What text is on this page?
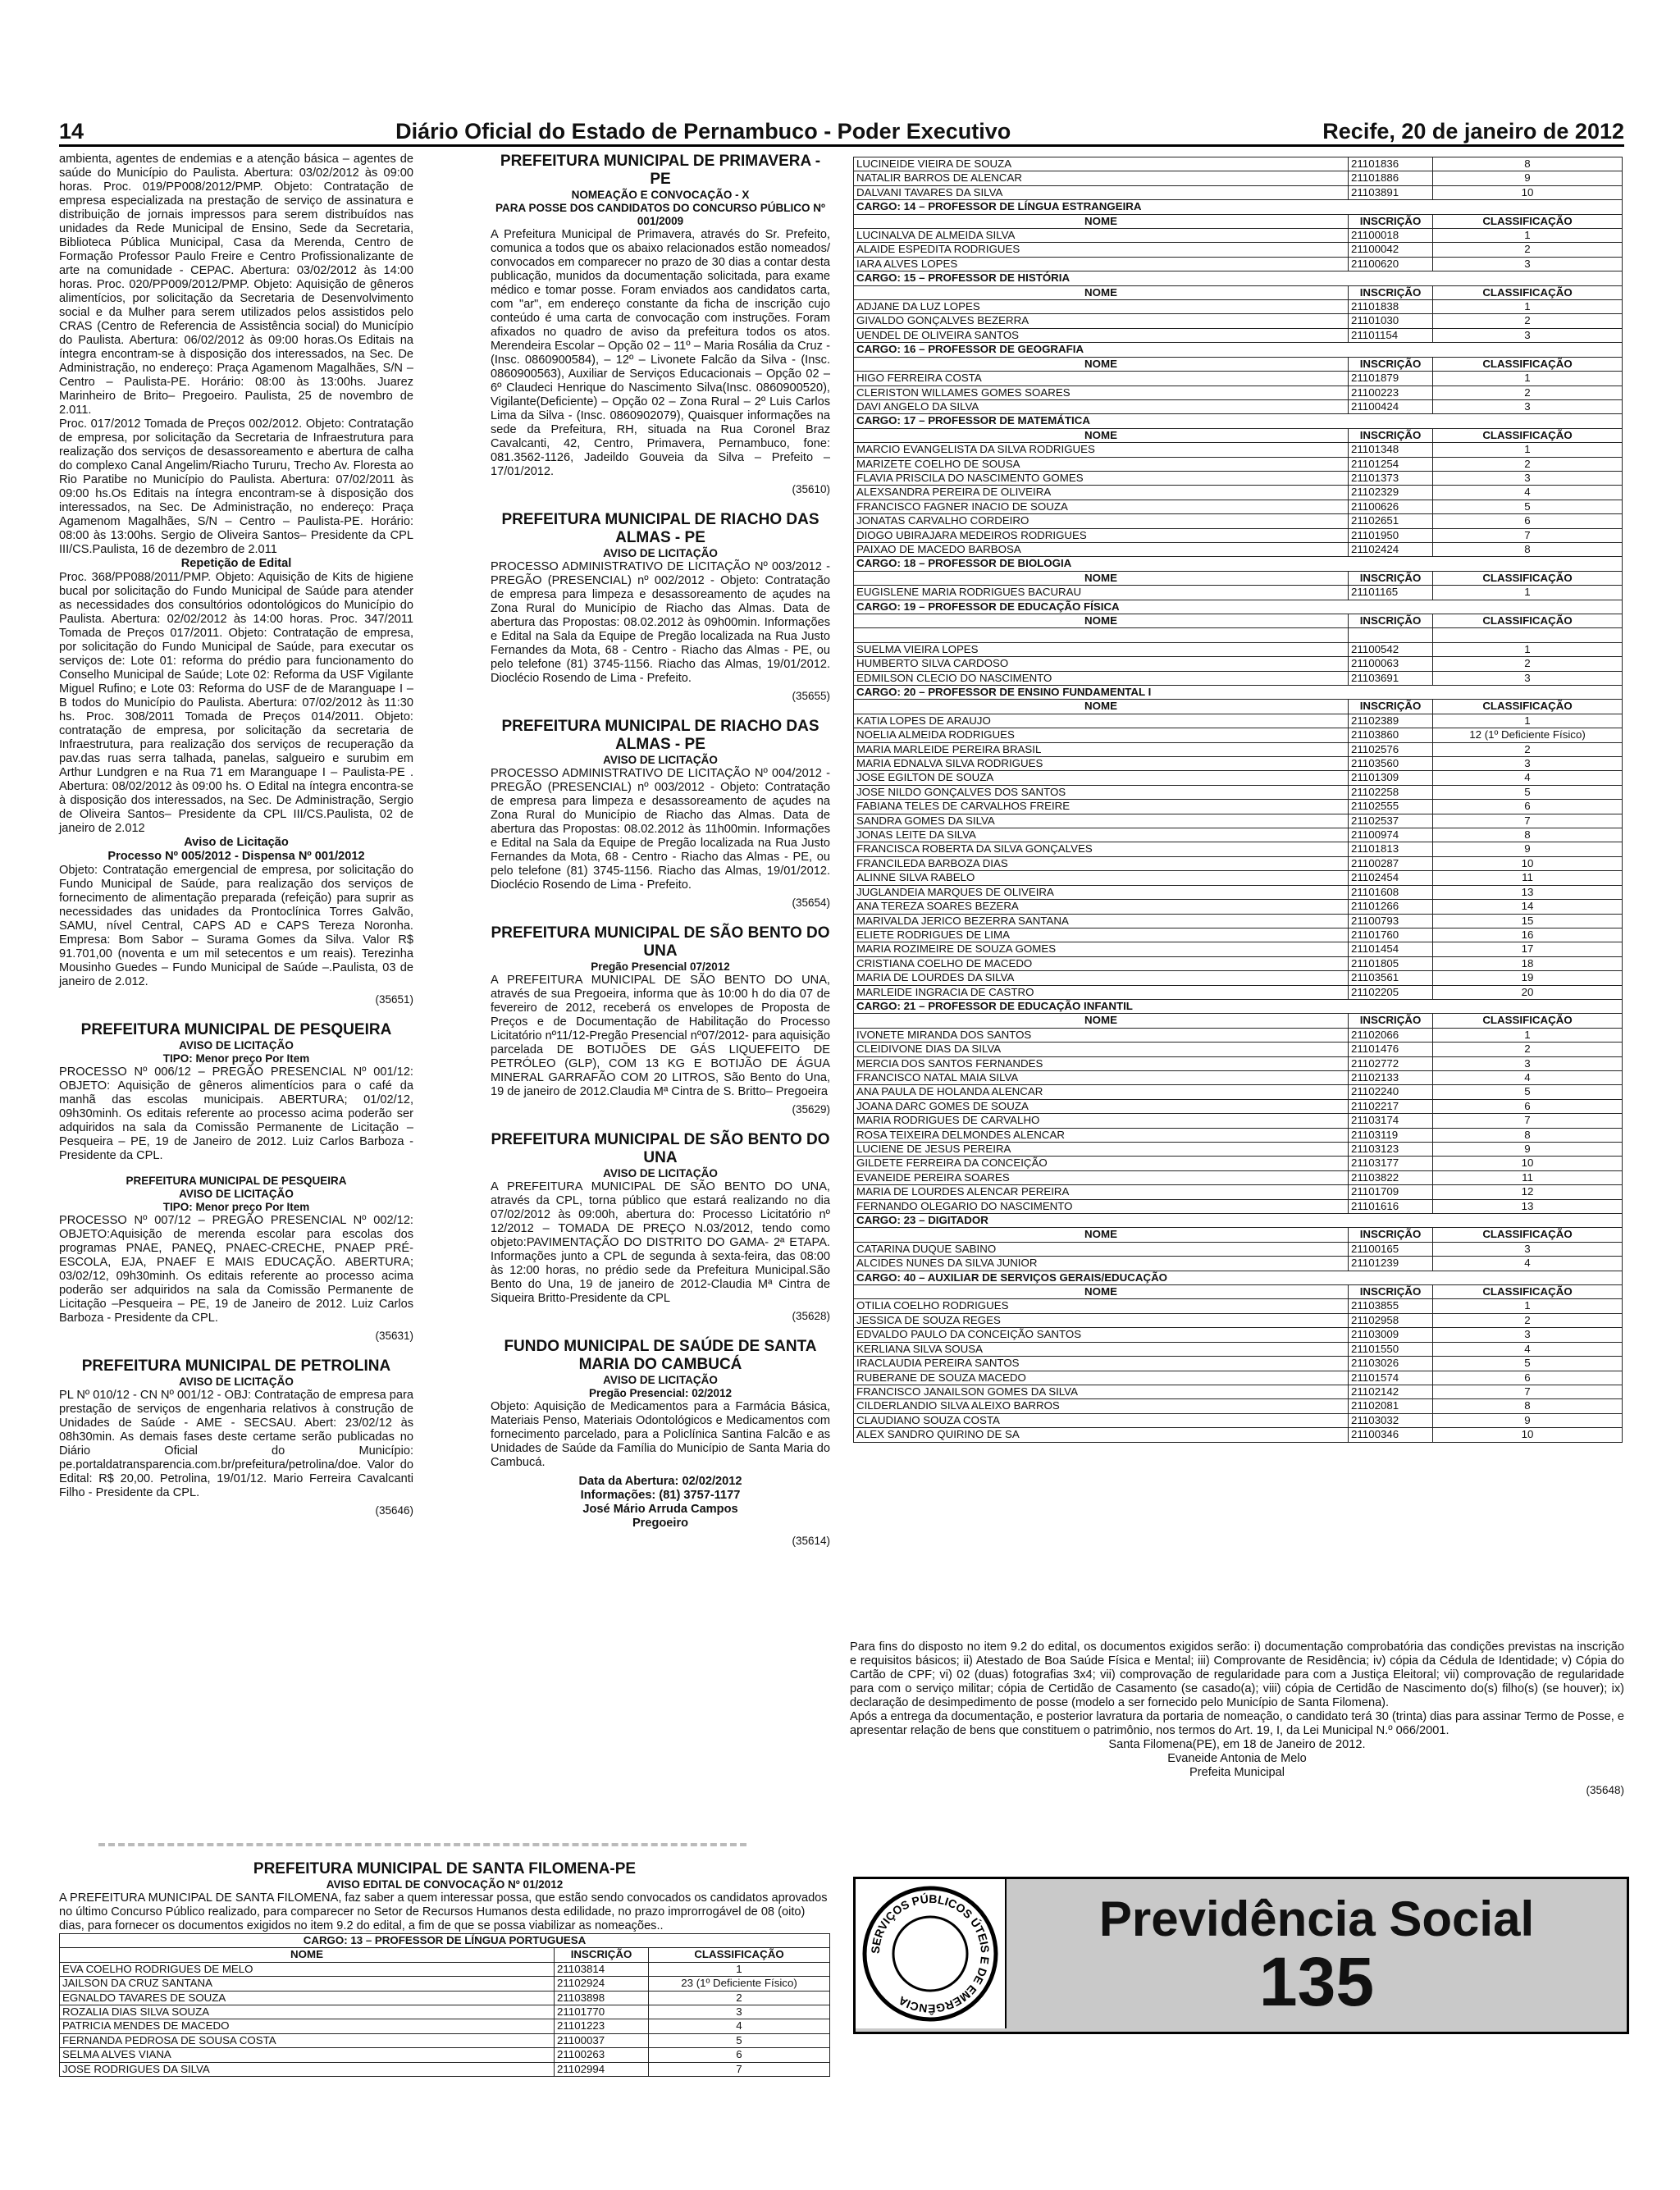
14	Diário Oficial do Estado de Pernambuco - Poder Executivo	Recife, 20 de janeiro de 2012

ambienta, agentes de endemias e a atenção básica – agentes de saúde do Município do Paulista. Abertura: 03/02/2012 às 09:00 horas. Proc. 019/PP008/2012/PMP. Objeto: Contratação de empresa especializada na prestação de serviço de assinatura e distribuição de jornais impressos para serem distribuídos nas unidades da Rede Municipal de Ensino, Sede da Secretaria, Biblioteca Pública Municipal, Casa da Merenda, Centro de Formação Professor Paulo Freire e Centro Profissionalizante de arte na comunidade - CEPAC. Abertura: 03/02/2012 às 14:00 horas. Proc. 020/PP009/2012/PMP. Objeto: Aquisição de gêneros alimentícios, por solicitação da Secretaria de Desenvolvimento social e da Mulher para serem utilizados pelos assistidos pelo CRAS (Centro de Referencia de Assistência social) do Município do Paulista. Abertura: 06/02/2012 às 09:00 horas.Os Editais na íntegra encontram-se à disposição dos interessados, na Sec. De Administração, no endereço: Praça Agamenom Magalhães, S/N – Centro – Paulista-PE. Horário: 08:00 às 13:00hs. Juarez Marinheiro de Brito– Pregoeiro. Paulista, 25 de novembro de 2.011.

Proc. 017/2012 Tomada de Preços 002/2012. Objeto: Contratação de empresa, por solicitação da Secretaria de Infraestrutura para realização dos serviços de desassoreamento e abertura de calha do complexo Canal Angelim/Riacho Tururu, Trecho Av. Floresta ao Rio Paratibe no Município do Paulista. Abertura: 07/02/2011 às 09:00 hs.Os Editais na íntegra encontram-se à disposição dos interessados, na Sec. De Administração, no endereço: Praça Agamenom Magalhães, S/N – Centro – Paulista-PE. Horário: 08:00 às 13:00hs. Sergio de Oliveira Santos– Presidente da CPL III/CS.Paulista, 16 de dezembro de 2.011

Repetição de Edital

Proc. 368/PP088/2011/PMP. Objeto: Aquisição de Kits de higiene bucal por solicitação do Fundo Municipal de Saúde para atender as necessidades dos consultórios odontológicos do Município do Paulista. Abertura: 02/02/2012 às 14:00 horas. Proc. 347/2011 Tomada de Preços 017/2011. Objeto: Contratação de empresa, por solicitação do Fundo Municipal de Saúde, para executar os serviços de: Lote 01: reforma do prédio para funcionamento do Conselho Municipal de Saúde; Lote 02: Reforma da USF Vigilante Miguel Rufino; e Lote 03: Reforma do USF de de Maranguape I – B todos do Município do Paulista. Abertura: 07/02/2012 às 11:30 hs. Proc. 308/2011 Tomada de Preços 014/2011. Objeto: contratação de empresa, por solicitação da secretaria de Infraestrutura, para realização dos serviços de recuperação da pav.das ruas serra talhada, panelas, salgueiro e surubim em Arthur Lundgren e na Rua 71 em Maranguape I – Paulista-PE . Abertura: 08/02/2012 às 09:00 hs. O Edital na íntegra encontra-se à disposição dos interessados, na Sec. De Administração, Sergio de Oliveira Santos– Presidente da CPL III/CS.Paulista, 02 de janeiro de 2.012

Aviso de Licitação
Processo Nº 005/2012 - Dispensa Nº 001/2012

Objeto: Contratação emergencial de empresa, por solicitação do Fundo Municipal de Saúde, para realização dos serviços de fornecimento de alimentação preparada (refeição) para suprir as necessidades das unidades da Prontoclínica Torres Galvão, SAMU, nível Central, CAPS AD e CAPS Tereza Noronha. Empresa: Bom Sabor – Surama Gomes da Silva. Valor R$ 91.701,00 (noventa e um mil setecentos e um reais). Terezinha Mousinho Guedes – Fundo Municipal de Saúde –.Paulista, 03 de janeiro de 2.012.

(35651)
PREFEITURA MUNICIPAL DE PESQUEIRA
AVISO DE LICITAÇÃO
TIPO: Menor preço Por Item

PROCESSO Nº 006/12 – PREGÃO PRESENCIAL Nº 001/12: OBJETO: Aquisição de gêneros alimentícios para o café da manhã das escolas municipais. ABERTURA; 01/02/12, 09h30minh. Os editais referente ao processo acima poderão ser adquiridos na sala da Comissão Permanente de Licitação –Pesqueira – PE, 19 de Janeiro de 2012. Luiz Carlos Barboza - Presidente da CPL.

PREFEITURA MUNICIPAL DE PESQUEIRA
AVISO DE LICITAÇÃO
TIPO: Menor preço Por Item

PROCESSO Nº 007/12 – PREGÃO PRESENCIAL Nº 002/12: OBJETO:Aquisição de merenda escolar para escolas dos programas PNAE, PANEQ, PNAEC-CRECHE, PNAEP PRÉ-ESCOLA, EJA, PNAEF E MAIS EDUCAÇÃO. ABERTURA; 03/02/12, 09h30minh. Os editais referente ao processo acima poderão ser adquiridos na sala da Comissão Permanente de Licitação –Pesqueira – PE, 19 de Janeiro de 2012. Luiz Carlos Barboza - Presidente da CPL.

(35631)
PREFEITURA MUNICIPAL DE PETROLINA
AVISO DE LICITAÇÃO

PL Nº 010/12 - CN Nº 001/12 - OBJ: Contratação de empresa para prestação de serviços de engenharia relativos à construção de Unidades de Saúde - AME - SECSAU. Abert: 23/02/12 às 08h30min. As demais fases deste certame serão publicadas no Diário Oficial do Município: pe.portaldatransparencia.com.br/prefeitura/petrolina/doe. Valor do Edital: R$ 20,00. Petrolina, 19/01/12. Mario Ferreira Cavalcanti Filho - Presidente da CPL.

(35646)
PREFEITURA MUNICIPAL DE PRIMAVERA - PE
NOMEAÇÃO E CONVOCAÇÃO - X
PARA POSSE DOS CANDIDATOS DO CONCURSO PÚBLICO Nº 001/2009

A Prefeitura Municipal de Primavera, através do Sr. Prefeito, comunica a todos que os abaixo relacionados estão nomeados/ convocados em comparecer no prazo de 30 dias a contar desta publicação, munidos da documentação solicitada, para exame médico e tomar posse. Foram enviados aos candidatos carta, com "ar", em endereço constante da ficha de inscrição cujo conteúdo é uma carta de convocação com instruções. Foram afixados no quadro de aviso da prefeitura todos os atos. Merendeira Escolar – Opção 02 – 11º – Maria Rosália da Cruz - (Insc. 0860900584), – 12º – Livonete Falcão da Silva - (Insc. 0860900563), Auxiliar de Serviços Educacionais – Opção 02 – 6º Claudeci Henrique do Nascimento Silva(Insc. 0860900520), Vigilante(Deficiente) – Opção 02 – Zona Rural – 2º Luis Carlos Lima da Silva - (Insc. 0860902079), Quaisquer informações na sede da Prefeitura, RH, situada na Rua Coronel Braz Cavalcanti, 42, Centro, Primavera, Pernambuco, fone: 081.3562-1126, Jadeildo Gouveia da Silva – Prefeito – 17/01/2012.

(35610)
PREFEITURA MUNICIPAL DE RIACHO DAS ALMAS - PE
AVISO DE LICITAÇÃO

PROCESSO ADMINISTRATIVO DE LICITAÇÃO Nº 003/2012 - PREGÃO (PRESENCIAL) nº 002/2012 - Objeto: Contratação de empresa para limpeza e desassoreamento de açudes na Zona Rural do Município de Riacho das Almas. Data de abertura das Propostas: 08.02.2012 às 09h00min. Informações e Edital na Sala da Equipe de Pregão localizada na Rua Justo Fernandes da Mota, 68 - Centro - Riacho das Almas - PE, ou pelo telefone (81) 3745-1156. Riacho das Almas, 19/01/2012. Dioclécio Rosendo de Lima - Prefeito.

(35655)
PREFEITURA MUNICIPAL DE RIACHO DAS ALMAS - PE
AVISO DE LICITAÇÃO

PROCESSO ADMINISTRATIVO DE LICITAÇÃO Nº 004/2012 - PREGÃO (PRESENCIAL) nº 003/2012 - Objeto: Contratação de empresa para limpeza e desassoreamento de açudes na Zona Rural do Município de Riacho das Almas. Data de abertura das Propostas: 08.02.2012 às 11h00min. Informações e Edital na Sala da Equipe de Pregão localizada na Rua Justo Fernandes da Mota, 68 - Centro - Riacho das Almas - PE, ou pelo telefone (81) 3745-1156. Riacho das Almas, 19/01/2012. Dioclécio Rosendo de Lima - Prefeito.

(35654)
PREFEITURA MUNICIPAL DE SÃO BENTO DO UNA
Pregão Presencial 07/2012

A PREFEITURA MUNICIPAL DE SÃO BENTO DO UNA, através de sua Pregoeira, informa que às 10:00 h do dia 07 de fevereiro de 2012, receberá os envelopes de Proposta de Preços e de Documentação de Habilitação do Processo Licitatório nº11/12-Pregão Presencial nº07/2012- para aquisição parcelada DE BOTIJÕES DE GÁS LIQUEFEITO DE PETRÓLEO (GLP), COM 13 KG E BOTIJÃO DE ÁGUA MINERAL GARRAFÃO COM 20 LITROS, São Bento do Una, 19 de janeiro de 2012.Claudia Mª Cintra de S. Britto– Pregoeira

(35629)
PREFEITURA MUNICIPAL DE SÃO BENTO DO UNA
AVISO DE LICITAÇÃO

A PREFEITURA MUNICIPAL DE SÃO BENTO DO UNA, através da CPL, torna público que estará realizando no dia 07/02/2012 às 09:00h, abertura do: Processo Licitatório nº 12/2012 – TOMADA DE PREÇO N.03/2012, tendo como objeto:PAVIMENTAÇÃO DO DISTRITO DO GAMA- 2ª ETAPA. Informações junto a CPL de segunda à sexta-feira, das 08:00 às 12:00 horas, no prédio sede da Prefeitura Municipal.São Bento do Una, 19 de janeiro de 2012-Claudia Mª Cintra de Siqueira Britto-Presidente da CPL

(35628)
FUNDO MUNICIPAL DE SAÚDE DE SANTA MARIA DO CAMBUCÁ
AVISO DE LICITAÇÃO
Pregão Presencial: 02/2012

Objeto: Aquisição de Medicamentos para a Farmácia Básica, Materiais Penso, Materiais Odontológicos e Medicamentos com fornecimento parcelado, para a Policlínica Santina Falcão e as Unidades de Saúde da Família do Município de Santa Maria do Cambucá.

Data da Abertura: 02/02/2012
Informações: (81) 3757-1177
José Mário Arruda Campos
Pregoeiro
(35614)
PREFEITURA MUNICIPAL DE SANTA FILOMENA-PE
AVISO EDITAL DE CONVOCAÇÃO Nº 01/2012

A PREFEITURA MUNICIPAL DE SANTA FILOMENA, faz saber a quem interessar possa, que estão sendo convocados os candidatos aprovados no último Concurso Público realizado, para comparecer no Setor de Recursos Humanos desta edilidade, no prazo improrrogável de 08 (oito) dias, para fornecer os documentos exigidos no item 9.2 do edital, a fim de que se possa viabilizar as nomeações..

CARGO: 13 – PROFESSOR DE LÍNGUA PORTUGUESA		
NOME	INSCRIÇÃO	CLASSIFICAÇÃO
EVA COELHO RODRIGUES DE MELO	21103814	1
JAILSON DA CRUZ SANTANA	21102924	23 (1º Deficiente Físico)
EGNALDO TAVARES DE SOUZA	21103898	2
ROZALIA DIAS SILVA SOUZA	21101770	3
PATRICIA MENDES DE MACEDO	21101223	4
FERNANDA PEDROSA DE SOUSA COSTA	21100037	5
SELMA ALVES VIANA	21100263	6
JOSE RODRIGUES DA SILVA	21102994	7
LUCINEIDE VIEIRA DE SOUZA	21101836	8
NATALIR BARROS DE ALENCAR	21101886	9
DALVANI TAVARES DA SILVA	21103891	10
CARGO: 14 – PROFESSOR DE LÍNGUA ESTRANGEIRA		
NOME	INSCRIÇÃO	CLASSIFICAÇÃO
LUCINALVA DE ALMEIDA SILVA	21100018	1
ALAIDE ESPEDITA RODRIGUES	21100042	2
IARA ALVES LOPES	21100620	3
CARGO: 15 – PROFESSOR DE HISTÓRIA		
NOME	INSCRIÇÃO	CLASSIFICAÇÃO
ADJANE DA LUZ LOPES	21101838	1
GIVALDO GONÇALVES BEZERRA	21101030	2
UENDEL DE OLIVEIRA SANTOS	21101154	3
CARGO: 16 – PROFESSOR DE GEOGRAFIA		
NOME	INSCRIÇÃO	CLASSIFICAÇÃO
HIGO FERREIRA COSTA	21101879	1
CLERISTON WILLAMES GOMES SOARES	21100223	2
DAVI ANGELO DA SILVA	21100424	3
CARGO: 17 – PROFESSOR DE MATEMÁTICA		
NOME	INSCRIÇÃO	CLASSIFICAÇÃO
MARCIO EVANGELISTA DA SILVA RODRIGUES	21101348	1
MARIZETE COELHO DE SOUSA	21101254	2
FLAVIA PRISCILA DO NASCIMENTO GOMES	21101373	3
ALEXSANDRA PEREIRA DE OLIVEIRA	21102329	4
FRANCISCO FAGNER INACIO DE SOUZA	21100626	5
JONATAS CARVALHO CORDEIRO	21102651	6
DIOGO UBIRAJARA MEDEIROS RODRIGUES	21101950	7
PAIXAO DE MACEDO BARBOSA	21102424	8
CARGO: 18 – PROFESSOR DE BIOLOGIA		
NOME	INSCRIÇÃO	CLASSIFICAÇÃO
EUGISLENE MARIA RODRIGUES BACURAU	21101165	1
CARGO: 19 – PROFESSOR DE EDUCAÇÃO FÍSICA		
NOME	INSCRIÇÃO	CLASSIFICAÇÃO

SUELMA VIEIRA LOPES	21100542	1
HUMBERTO SILVA CARDOSO	21100063	2
EDMILSON CLECIO DO NASCIMENTO	21103691	3
CARGO: 20 – PROFESSOR DE ENSINO FUNDAMENTAL I		
NOME	INSCRIÇÃO	CLASSIFICAÇÃO
KATIA LOPES DE ARAUJO	21102389	1
NOELIA ALMEIDA RODRIGUES	21103860	12 (1º Deficiente Físico)
MARIA MARLEIDE PEREIRA BRASIL	21102576	2
MARIA EDNALVA SILVA RODRIGUES	21103560	3
JOSE EGILTON DE SOUZA	21101309	4
JOSE NILDO GONÇALVES DOS SANTOS	21102258	5
FABIANA TELES DE CARVALHOS FREIRE	21102555	6
SANDRA GOMES DA SILVA	21102537	7
JONAS LEITE DA SILVA	21100974	8
FRANCISCA ROBERTA DA SILVA GONÇALVES	21101813	9
FRANCILEDA BARBOZA DIAS	21100287	10
ALINNE SILVA RABELO	21102454	11
JUGLANDEIA MARQUES DE OLIVEIRA	21101608	13
ANA TEREZA SOARES BEZERA	21101266	14
MARIVALDA JERICO BEZERRA SANTANA	21100793	15
ELIETE RODRIGUES DE LIMA	21101760	16
MARIA ROZIMEIRE DE SOUZA GOMES	21101454	17
CRISTIANA COELHO DE MACEDO	21101805	18
MARIA DE LOURDES DA SILVA	21103561	19
MARLEIDE INGRACIA DE CASTRO	21102205	20
CARGO: 21 – PROFESSOR DE EDUCAÇÃO INFANTIL		
NOME	INSCRIÇÃO	CLASSIFICAÇÃO
IVONETE MIRANDA DOS SANTOS	21102066	1
CLEIDIVONE DIAS DA SILVA	21101476	2
MERCIA DOS SANTOS FERNANDES	21102772	3
FRANCISCO NATAL MAIA SILVA	21102133	4
ANA PAULA DE HOLANDA ALENCAR	21102240	5
JOANA DARC GOMES DE SOUZA	21102217	6
MARIA RODRIGUES DE CARVALHO	21103174	7
ROSA TEIXEIRA DELMONDES ALENCAR	21103119	8
LUCIENE DE JESUS PEREIRA	21103123	9
GILDETE FERREIRA DA CONCEIÇÃO	21103177	10
EVANEIDE PEREIRA SOARES	21103822	11
MARIA DE LOURDES ALENCAR PEREIRA	21101709	12
FERNANDO OLEGARIO DO NASCIMENTO	21101616	13
CARGO: 23 – DIGITADOR		
NOME	INSCRIÇÃO	CLASSIFICAÇÃO
CATARINA DUQUE SABINO	21100165	3
ALCIDES NUNES DA SILVA JUNIOR	21101239	4
CARGO: 40 – AUXILIAR DE SERVIÇOS GERAIS/EDUCAÇÃO		
NOME	INSCRIÇÃO	CLASSIFICAÇÃO
OTILIA COELHO RODRIGUES	21103855	1
JESSICA DE SOUZA REGES	21102958	2
EDVALDO PAULO DA CONCEIÇÃO SANTOS	21103009	3
KERLIANA SILVA SOUSA	21101550	4
IRACLAUDIA PEREIRA SANTOS	21103026	5
RUBERANE DE SOUZA MACEDO	21101574	6
FRANCISCO JANAILSON GOMES DA SILVA	21102142	7
CILDERLANDIO SILVA ALEIXO BARROS	21102081	8
CLAUDIANO SOUZA COSTA	21103032	9
ALEX SANDRO QUIRINO DE SA	21100346	10

Para fins do disposto no item 9.2 do edital, os documentos exigidos serão: i) documentação comprobatória das condições previstas na inscrição e requisitos básicos; ii) Atestado de Boa Saúde Física e Mental; iii) Comprovante de Residência; iv) cópia da Cédula de Identidade; v) Cópia do Cartão de CPF; vi) 02 (duas) fotografias 3x4; vii) comprovação de regularidade para com a Justiça Eleitoral; vii) comprovação de regularidade para com o serviço militar; cópia de Certidão de Casamento (se casado(a); viii) cópia de Certidão de Nascimento do(s) filho(s) (se houver); ix) declaração de desimpedimento de posse (modelo a ser fornecido pelo Município de Santa Filomena).

Após a entrega da documentação, e posterior lavratura da portaria de nomeação, o candidato terá 30 (trinta) dias para assinar Termo de Posse, e apresentar relação de bens que constituem o patrimônio, nos termos do Art. 19, I, da Lei Municipal N.º 066/2001.

Santa Filomena(PE), em 18 de Janeiro de 2012.
Evaneide Antonia de Melo
Prefeita Municipal
(35648)
SERVIÇOS PÚBLICOS ÚTEIS E DE EMERGÊNCIA
Previdência Social
135
